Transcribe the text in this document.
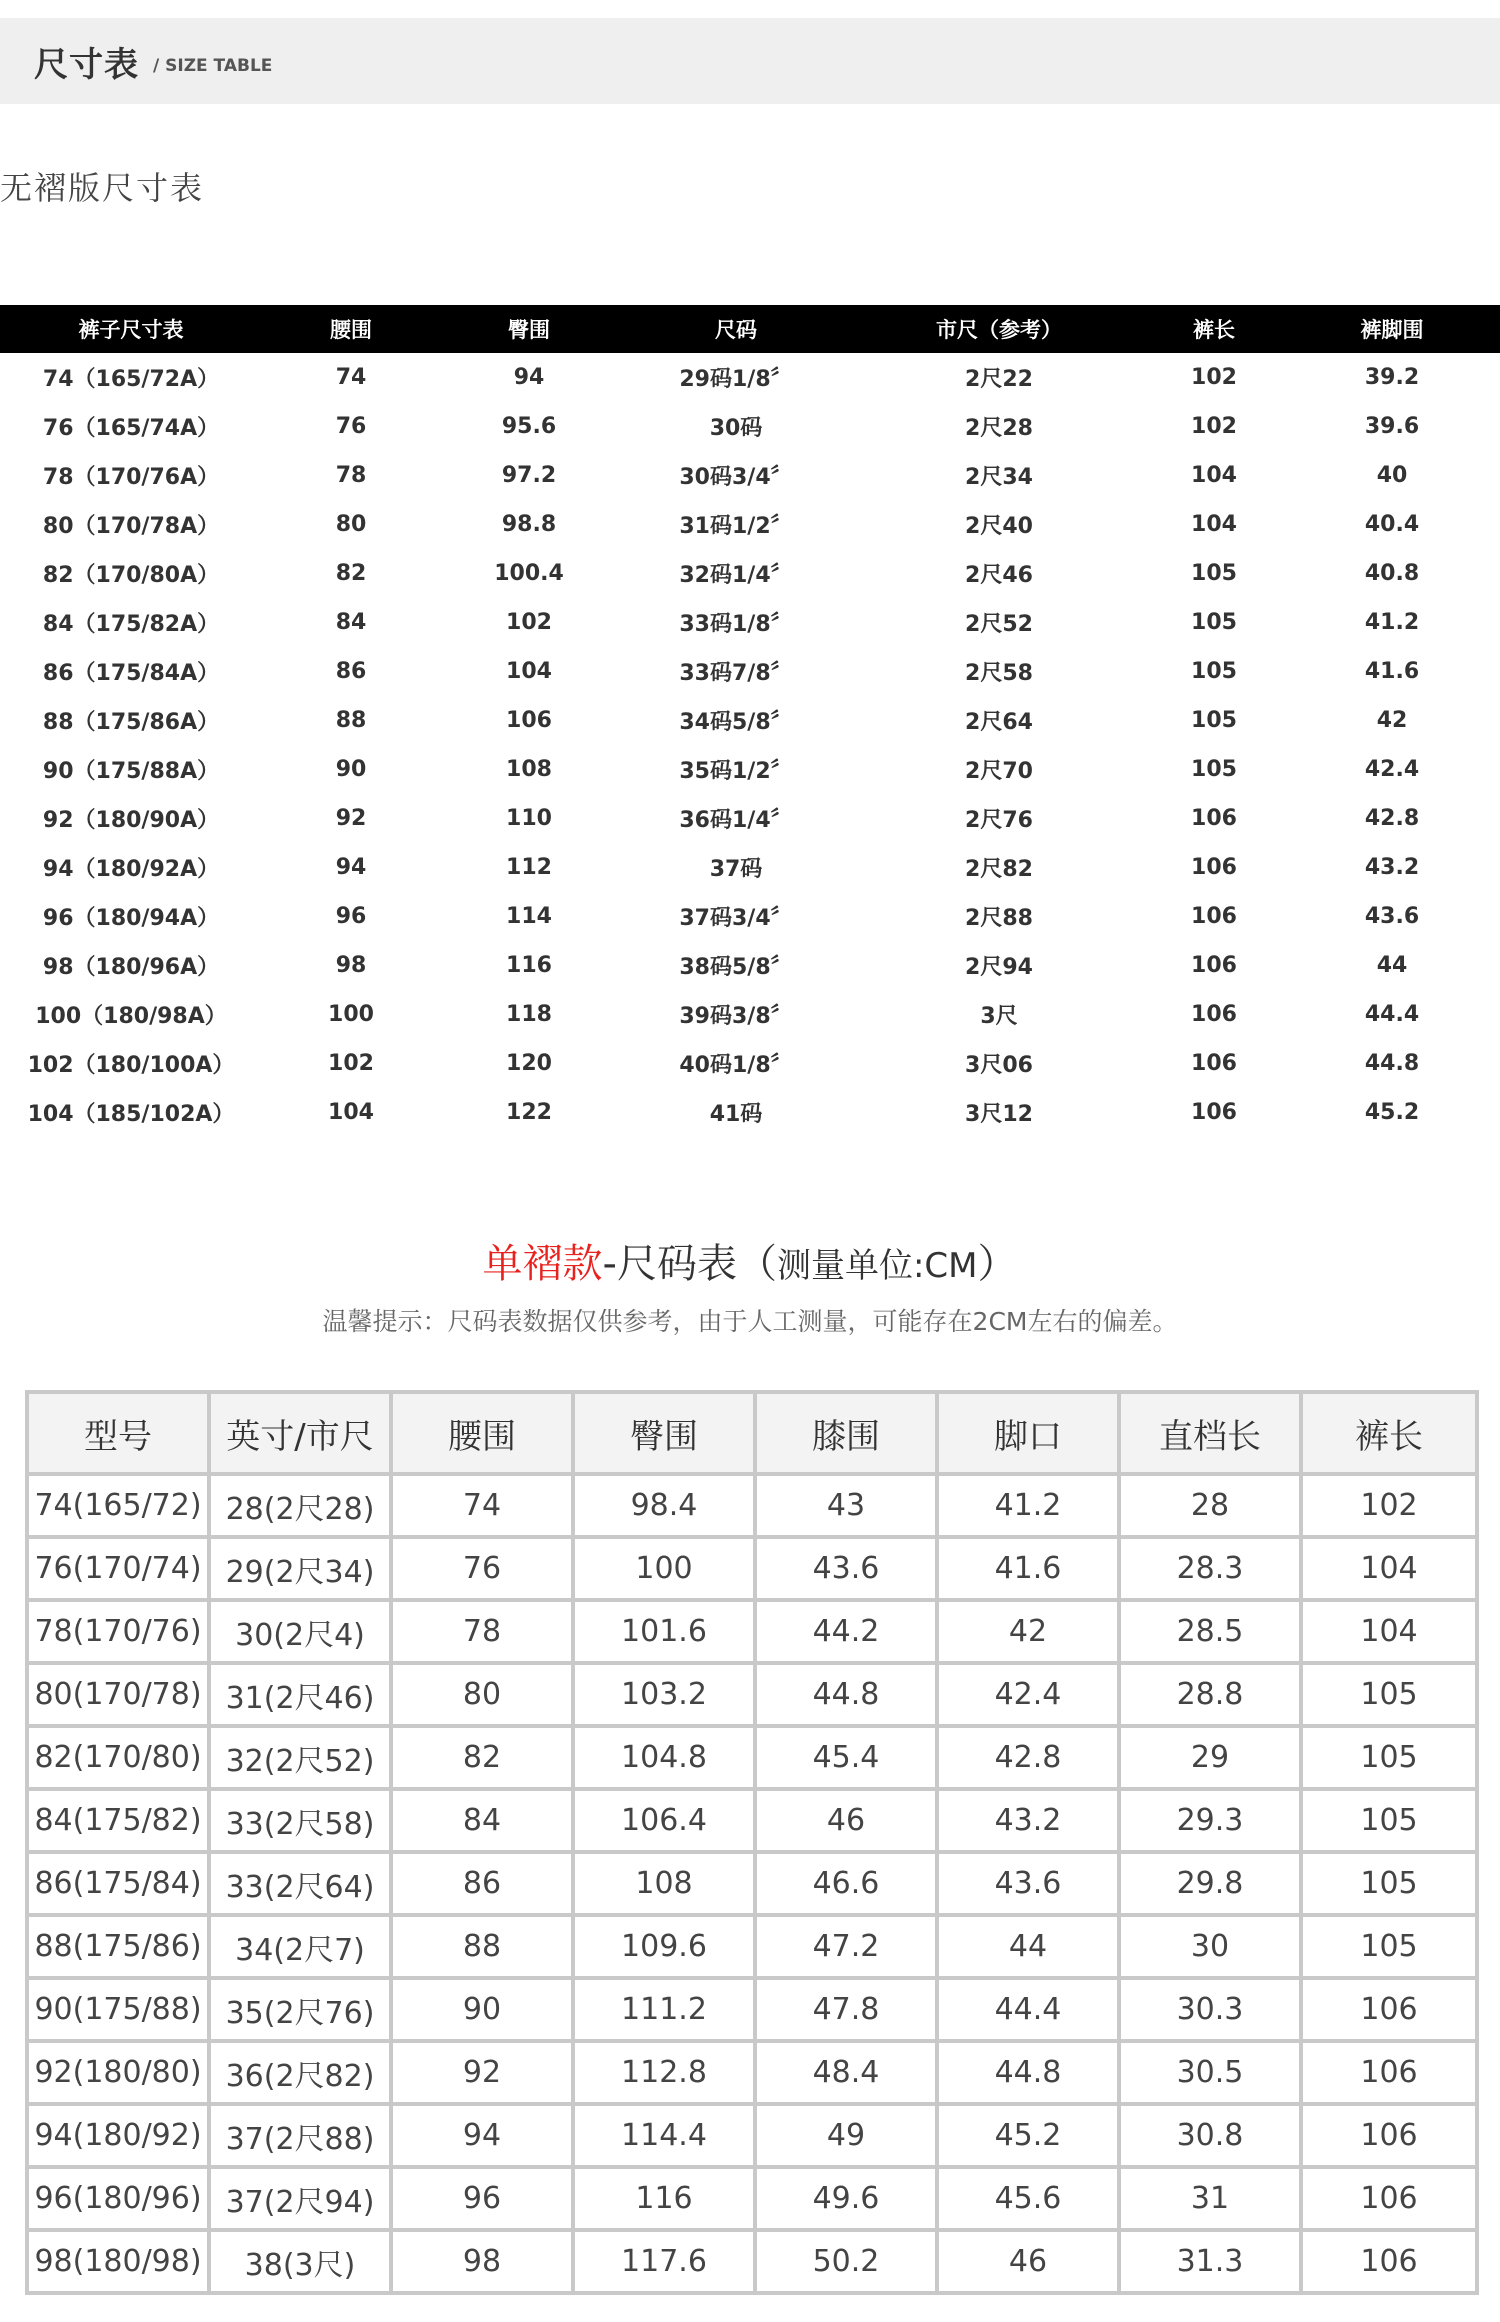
尺寸表 / SIZE TABLE
无褶版尺寸表
裤子尺寸表	腰围	臀围	尺码	市尺（参考）	裤长	裤脚围
74（165/72A）	74	94	29码1/8〞	2尺22	102	39.2
76（165/74A）	76	95.6	30码	2尺28	102	39.6
78（170/76A）	78	97.2	30码3/4〞	2尺34	104	40
80（170/78A）	80	98.8	31码1/2〞	2尺40	104	40.4
82（170/80A）	82	100.4	32码1/4〞	2尺46	105	40.8
84（175/82A）	84	102	33码1/8〞	2尺52	105	41.2
86（175/84A）	86	104	33码7/8〞	2尺58	105	41.6
88（175/86A）	88	106	34码5/8〞	2尺64	105	42
90（175/88A）	90	108	35码1/2〞	2尺70	105	42.4
92（180/90A）	92	110	36码1/4〞	2尺76	106	42.8
94（180/92A）	94	112	37码	2尺82	106	43.2
96（180/94A）	96	114	37码3/4〞	2尺88	106	43.6
98（180/96A）	98	116	38码5/8〞	2尺94	106	44
100（180/98A）	100	118	39码3/8〞	3尺	106	44.4
102（180/100A）	102	120	40码1/8〞	3尺06	106	44.8
104（185/102A）	104	122	41码	3尺12	106	45.2
单褶款-尺码表（测量单位:CM）
温馨提示：尺码表数据仅供参考，由于人工测量，可能存在2CM左右的偏差。
型号	英寸/市尺	腰围	臀围	膝围	脚口	直档长	裤长
74(165/72)	28(2尺28)	74	98.4	43	41.2	28	102
76(170/74)	29(2尺34)	76	100	43.6	41.6	28.3	104
78(170/76)	30(2尺4)	78	101.6	44.2	42	28.5	104
80(170/78)	31(2尺46)	80	103.2	44.8	42.4	28.8	105
82(170/80)	32(2尺52)	82	104.8	45.4	42.8	29	105
84(175/82)	33(2尺58)	84	106.4	46	43.2	29.3	105
86(175/84)	33(2尺64)	86	108	46.6	43.6	29.8	105
88(175/86)	34(2尺7)	88	109.6	47.2	44	30	105
90(175/88)	35(2尺76)	90	111.2	47.8	44.4	30.3	106
92(180/80)	36(2尺82)	92	112.8	48.4	44.8	30.5	106
94(180/92)	37(2尺88)	94	114.4	49	45.2	30.8	106
96(180/96)	37(2尺94)	96	116	49.6	45.6	31	106
98(180/98)	38(3尺)	98	117.6	50.2	46	31.3	106
